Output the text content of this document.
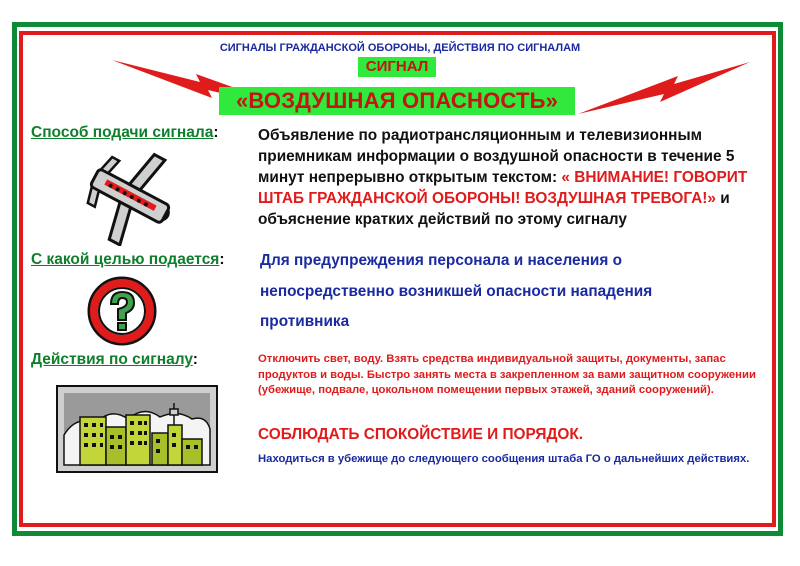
СИГНАЛЫ ГРАЖДАНСКОЙ ОБОРОНЫ, ДЕЙСТВИЯ ПО СИГНАЛАМ
СИГНАЛ
«ВОЗДУШНАЯ ОПАСНОСТЬ»
Способ подачи сигнала:	Объявление по радиотрансляционным и телевизионным приемникам информации о воздушной опасности в течение 5 минут непрерывно открытым текстом: « ВНИМАНИЕ! ГОВОРИТ ШТАБ ГРАЖДАНСКОЙ ОБОРОНЫ! ВОЗДУШНАЯ ТРЕВОГА!» и объяснение кратких действий по этому сигналу
С какой целью подается: Для предупреждения персонала и населения о
непосредственно возникшей опасности нападения
противника
Действия по сигналу:	Отключить свет, воду. Взять средства индивидуальной защиты, документы, запас продуктов и воды. Быстро занять места в закрепленном за вами защитном сооружении (убежище, подвале, цокольном помещении первых этажей, зданий сооружений).
СОБЛЮДАТЬ СПОКОЙСТВИЕ И ПОРЯДОК.
Находиться в убежище до следующего сообщения штаба ГО о дальнейших действиях.
